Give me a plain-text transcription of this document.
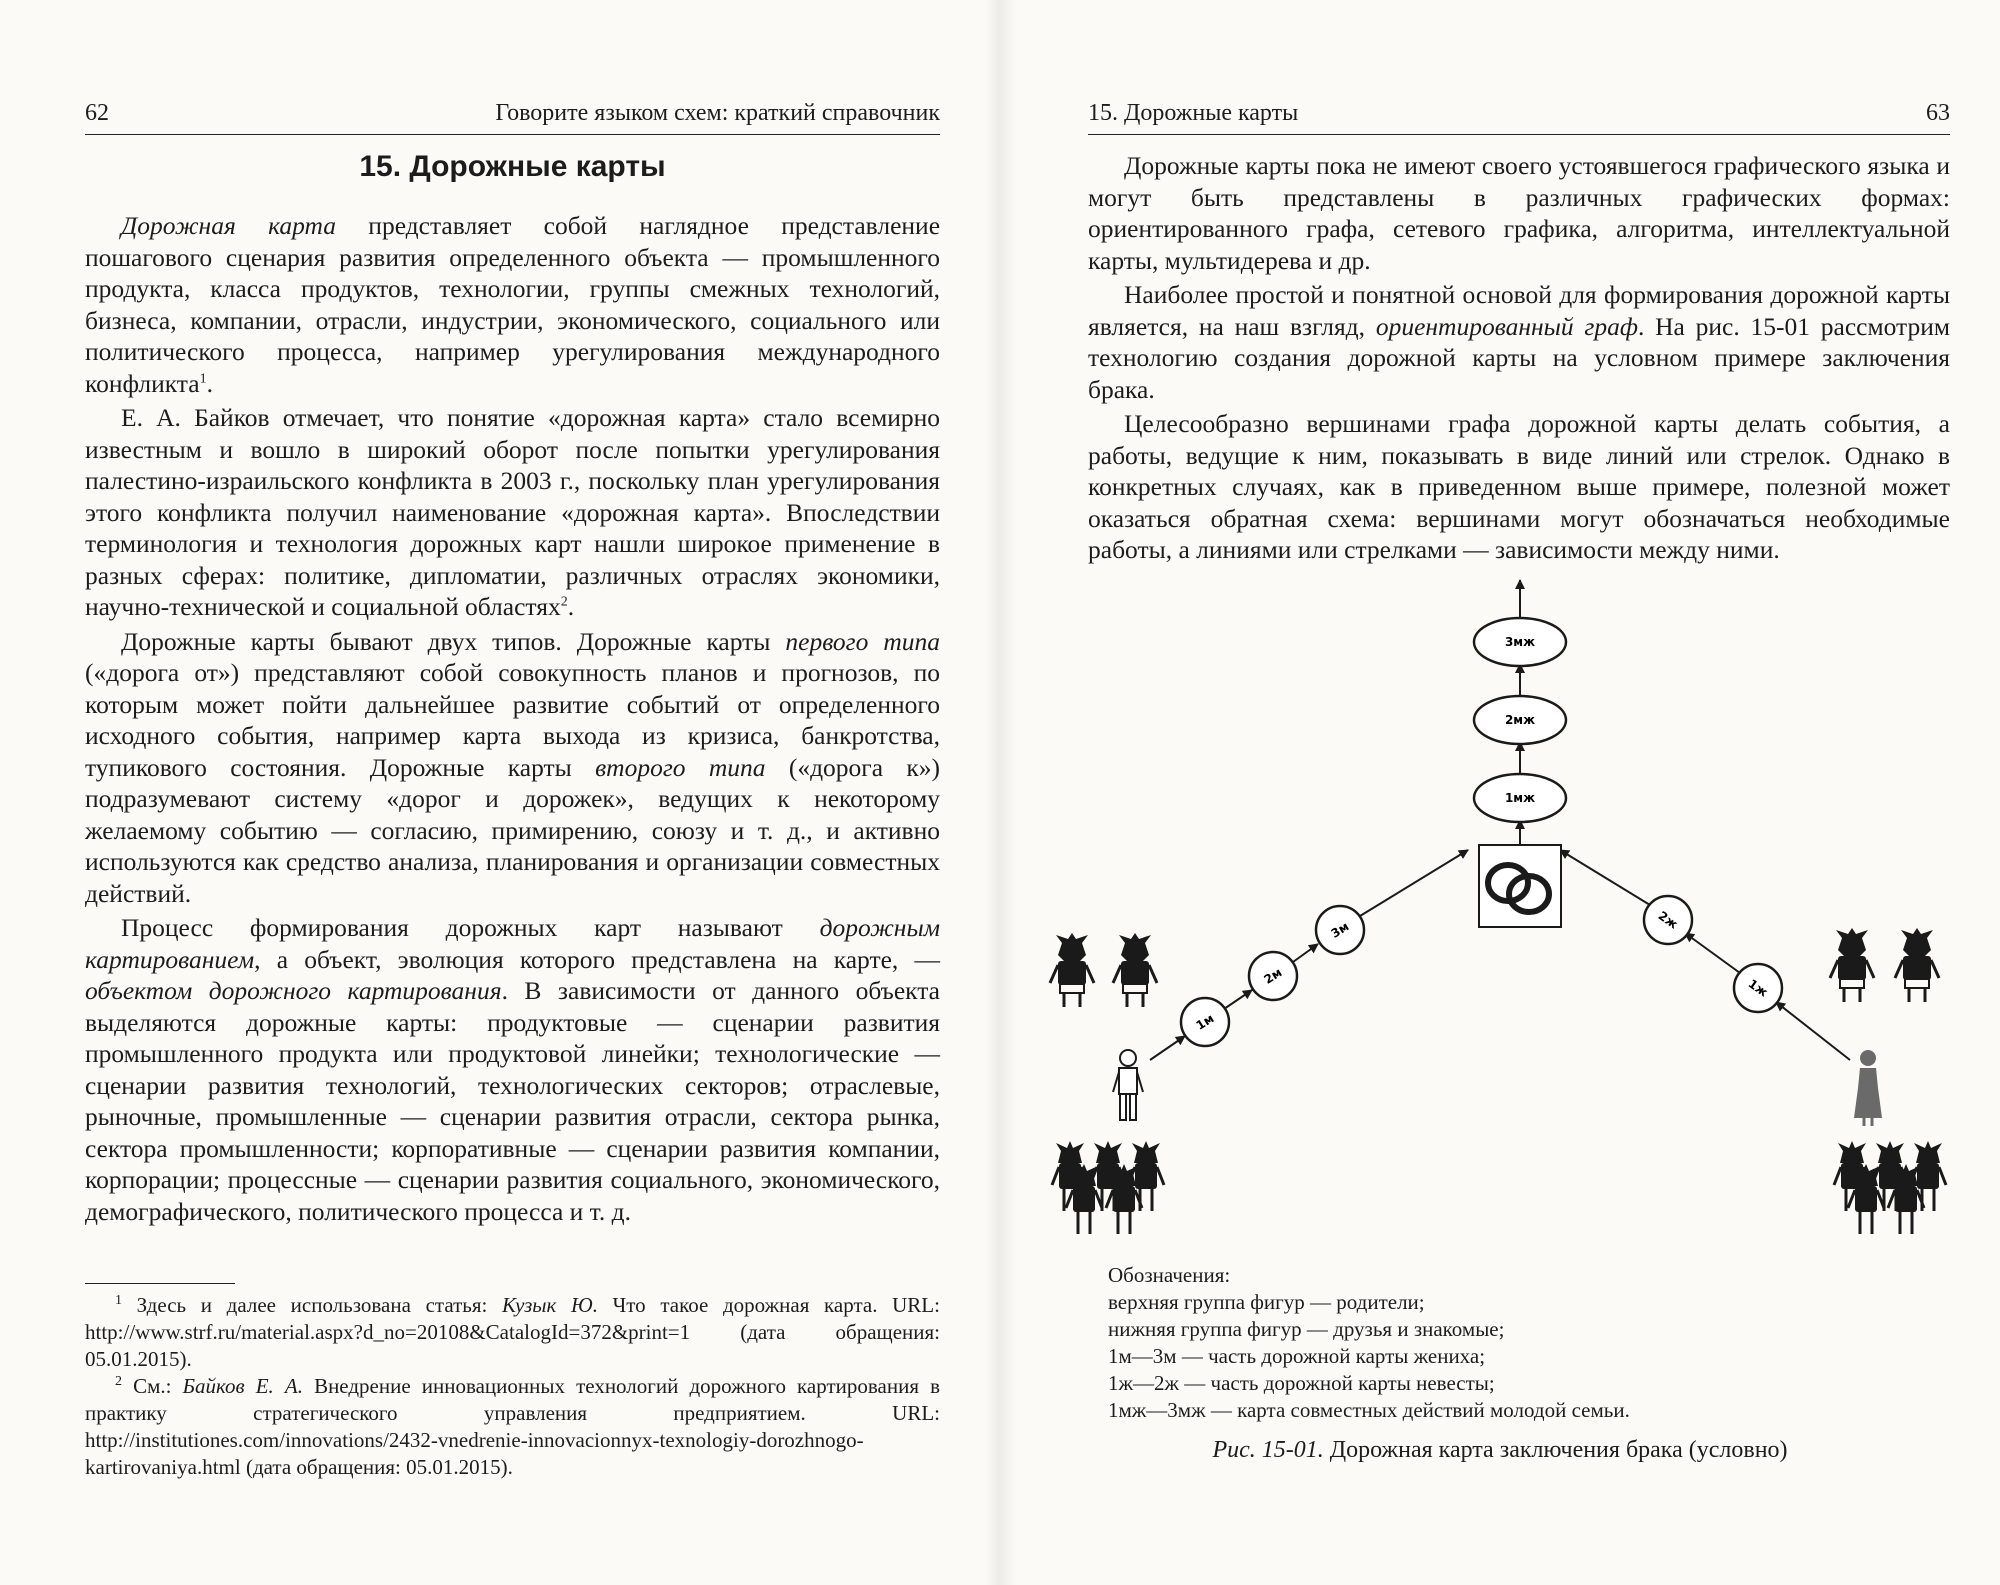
62	Говорите языком схем: краткий справочник
15. Дорожные карты

Дорожная карта представляет собой наглядное представление пошагового сценария развития определенного объекта — промышленного продукта, класса продуктов, технологии, группы смежных технологий, бизнеса, компании, отрасли, индустрии, экономического, социального или политического процесса, например урегулирования международного конфликта$^1$.

Е. А. Байков отмечает, что понятие «дорожная карта» стало всемирно известным и вошло в широкий оборот после попытки урегулирования палестино-израильского конфликта в 2003 г., поскольку план урегулирования этого конфликта получил наименование «дорожная карта». Впоследствии терминология и технология дорожных карт нашли широкое применение в разных сферах: политике, дипломатии, различных отраслях экономики, научно-технической и социальной областях$^2$.

Дорожные карты бывают двух типов. Дорожные карты первого типа («дорога от») представляют собой совокупность планов и прогнозов, по которым может пойти дальнейшее развитие событий от определенного исходного события, например карта выхода из кризиса, банкротства, тупикового состояния. Дорожные карты второго типа («дорога к») подразумевают систему «дорог и дорожек», ведущих к некоторому желаемому событию — согласию, примирению, союзу и т. д., и активно используются как средство анализа, планирования и организации совместных действий.

Процесс формирования дорожных карт называют дорожным картированием, а объект, эволюция которого представлена на карте, — объектом дорожного картирования. В зависимости от данного объекта выделяются дорожные карты: продуктовые — сценарии развития промышленного продукта или продуктовой линейки; технологические — сценарии развития технологий, технологических секторов; отраслевые, рыночные, промышленные — сценарии развития отрасли, сектора рынка, сектора промышленности; корпоративные — сценарии развития компании, корпорации; процессные — сценарии развития социального, экономического, демографического, политического процесса и т. д.

$^1$ Здесь и далее использована статья: Кузык Ю. Что такое дорожная карта. URL: http://www.strf.ru/material.aspx?d_no=20108&CatalogId=372&print=1 (дата обращения: 05.01.2015).

$^2$ См.: Байков Е. А. Внедрение инновационных технологий дорожного картирования в практику стратегического управления предприятием. URL: http://institutiones.com/innovations/2432-vnedrenie-innovacionnyx-texnologiy-dorozhnogo-kartirovaniya.html (дата обращения: 05.01.2015).

15. Дорожные карты	63

Дорожные карты пока не имеют своего устоявшегося графического языка и могут быть представлены в различных графических формах: ориентированного графа, сетевого графика, алгоритма, интеллектуальной карты, мультидерева и др.

Наиболее простой и понятной основой для формирования дорожной карты является, на наш взгляд, ориентированный граф. На рис. 15-01 рассмотрим технологию создания дорожной карты на условном примере заключения брака.

Целесообразно вершинами графа дорожной карты делать события, а работы, ведущие к ним, показывать в виде линий или стрелок. Однако в конкретных случаях, как в приведенном выше примере, полезной может оказаться обратная схема: вершинами могут обозначаться необходимые работы, а линиями или стрелками — зависимости между ними.

1мж
2мж
3мж
1м
2м
3м
1ж
2ж
Обозначения:
верхняя группа фигур — родители;
нижняя группа фигур — друзья и знакомые;
1м—3м — часть дорожной карты жениха;
1ж—2ж — часть дорожной карты невесты;
1мж—3мж — карта совместных действий молодой семьи.
Рис. 15-01. Дорожная карта заключения брака (условно)
